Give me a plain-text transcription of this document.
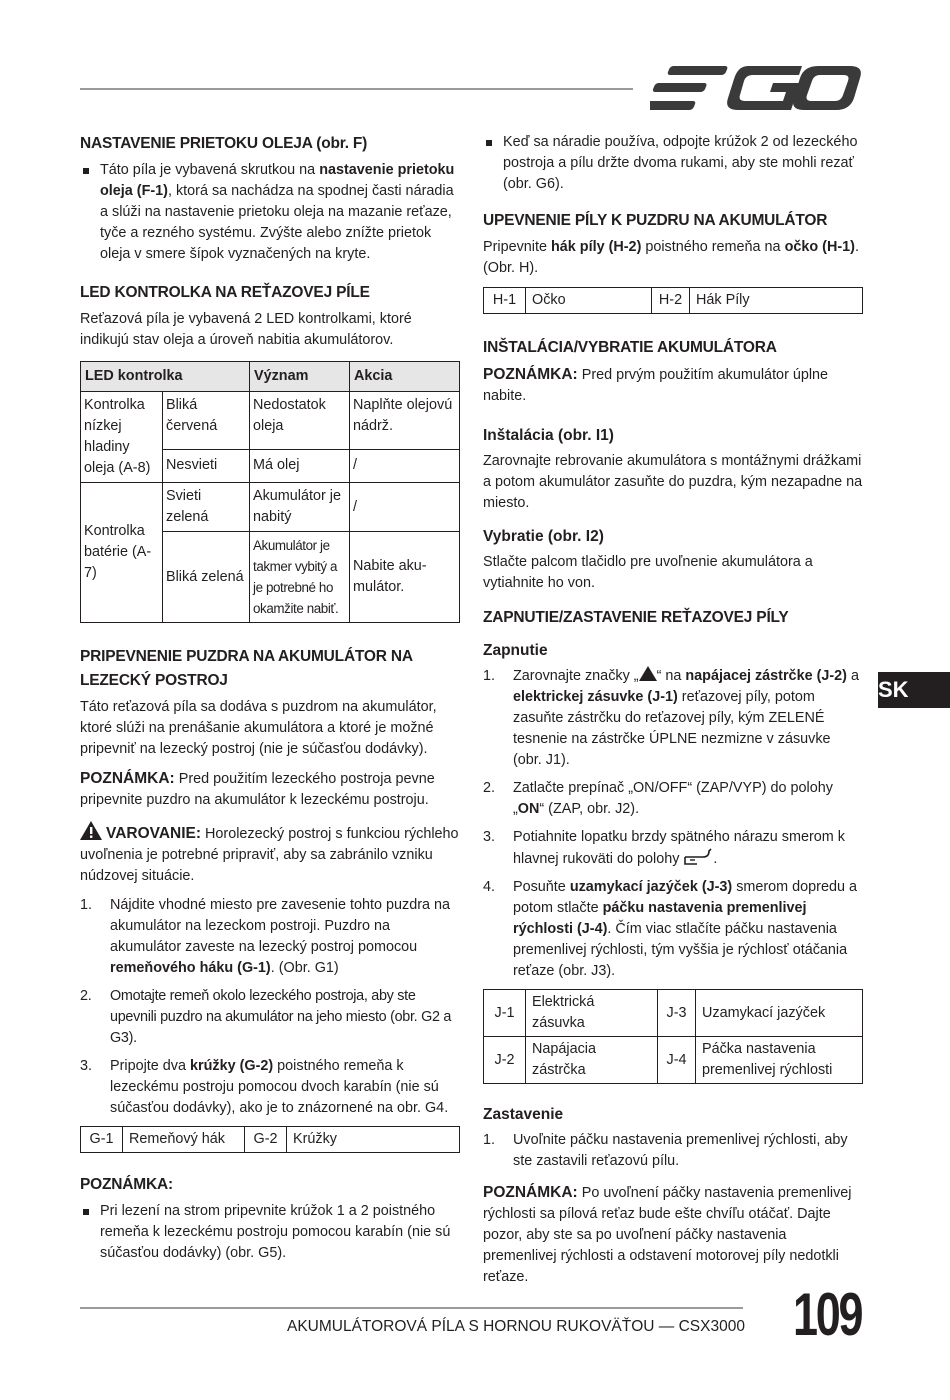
NASTAVENIE PRIETOKU OLEJA (obr. F)
Táto píla je vybavená skrutkou na nastavenie prietoku oleja (F-1), ktorá sa nachádza na spodnej časti náradia a slúži na nastavenie prietoku oleja na mazanie reťaze, tyče a rezného systému. Zvýšte alebo znížte prietok oleja v smere šípok vyznačených na kryte.
LED KONTROLKA NA REŤAZOVEJ PÍLE

Reťazová píla je vybavená 2 LED kontrolkami, ktoré indikujú stav oleja a úroveň nabitia akumulátorov.

LED kontrolka		Význam	Akcia
Kontrolka nízkej hladiny oleja (A-8)	Bliká červená	Nedostatok oleja	Naplňte olejovú nádrž.
	Nesvieti	Má olej	/
Kontrolka batérie (A-7)	Svieti zelená	Akumulátor je nabitý	/
	Bliká zelená	Akumulátor je takmer vybitý a je potrebné ho okamžite nabiť.	Nabite aku-mulátor.
PRIPEVNENIE PUZDRA NA AKUMULÁTOR NA LEZECKÝ POSTROJ

Táto reťazová píla sa dodáva s puzdrom na akumulátor, ktoré slúži na prenášanie akumulátora a ktoré je možné pripevniť na lezecký postroj (nie je súčasťou dodávky).

POZNÁMKA: Pred použitím lezeckého postroja pevne pripevnite puzdro na akumulátor k lezeckému postroju.

VAROVANIE: Horolezecký postroj s funkciou rýchleho uvoľnenia je potrebné pripraviť, aby sa zabránilo vzniku núdzovej situácie.

1. Nájdite vhodné miesto pre zavesenie tohto puzdra na akumulátor na lezeckom postroji. Puzdro na akumulátor zaveste na lezecký postroj pomocou remeňového háku (G-1). (Obr. G1)
2. Omotajte remeň okolo lezeckého postroja, aby ste upevnili puzdro na akumulátor na jeho miesto (obr. G2 a G3).
3. Pripojte dva krúžky (G-2) poistného remeňa k lezeckému postroju pomocou dvoch karabín (nie sú súčasťou dodávky), ako je to znázornené na obr. G4.
G-1	Remeňový hák	G-2	Krúžky
POZNÁMKA:
Pri lezení na strom pripevnite krúžok 1 a 2 poistného remeňa k lezeckému postroju pomocou karabín (nie sú súčasťou dodávky) (obr. G5).
Keď sa náradie používa, odpojte krúžok 2 od lezeckého postroja a pílu držte dvoma rukami, aby ste mohli rezať (obr. G6).
UPEVNENIE PÍLY K PUZDRU NA AKUMULÁTOR

Pripevnite hák píly (H-2) poistného remeňa na očko (H-1). (Obr. H).

H-1	Očko	H-2	Hák Píly
INŠTALÁCIA/VYBRATIE AKUMULÁTORA

POZNÁMKA: Pred prvým použitím akumulátor úplne nabite.

Inštalácia (obr. I1)

Zarovnajte rebrovanie akumulátora s montážnymi drážkami a potom akumulátor zasuňte do puzdra, kým nezapadne na miesto.

Vybratie (obr. I2)

Stlačte palcom tlačidlo pre uvoľnenie akumulátora a vytiahnite ho von.

ZAPNUTIE/ZASTAVENIE REŤAZOVEJ PÍLY
Zapnutie
1. Zarovnajte značky „ “ na napájacej zástrčke (J-2) a elektrickej zásuvke (J-1) reťazovej píly, potom zasuňte zástrčku do reťazovej píly, kým ZELENÉ tesnenie na zástrčke ÚPLNE nezmizne v zásuvke (obr. J1).
2. Zatlačte prepínač „ON/OFF“ (ZAP/VYP) do polohy „ON“ (ZAP, obr. J2).
3. Potiahnite lopatku brzdy spätného nárazu smerom k hlavnej rukoväti do polohy .
4. Posuňte uzamykací jazýček (J-3) smerom dopredu a potom stlačte páčku nastavenia premenlivej rýchlosti (J-4). Čím viac stlačíte páčku nastavenia premenlivej rýchlosti, tým vyššia je rýchlosť otáčania reťaze (obr. J3).
J-1	Elektrická zásuvka	J-3	Uzamykací jazýček
J-2	Napájacia zástrčka	J-4	Páčka nastavenia premenlivej rýchlosti
Zastavenie
1. Uvoľnite páčku nastavenia premenlivej rýchlosti, aby ste zastavili reťazovú pílu.

POZNÁMKA: Po uvoľnení páčky nastavenia premenlivej rýchlosti sa pílová reťaz bude ešte chvíľu otáčať. Dajte pozor, aby ste sa po uvoľnení páčky nastavenia premenlivej rýchlosti a odstavení motorovej píly nedotkli reťaze.

SK
AKUMULÁTOROVÁ PÍLA S HORNOU RUKOVÄŤOU — CSX3000 109
